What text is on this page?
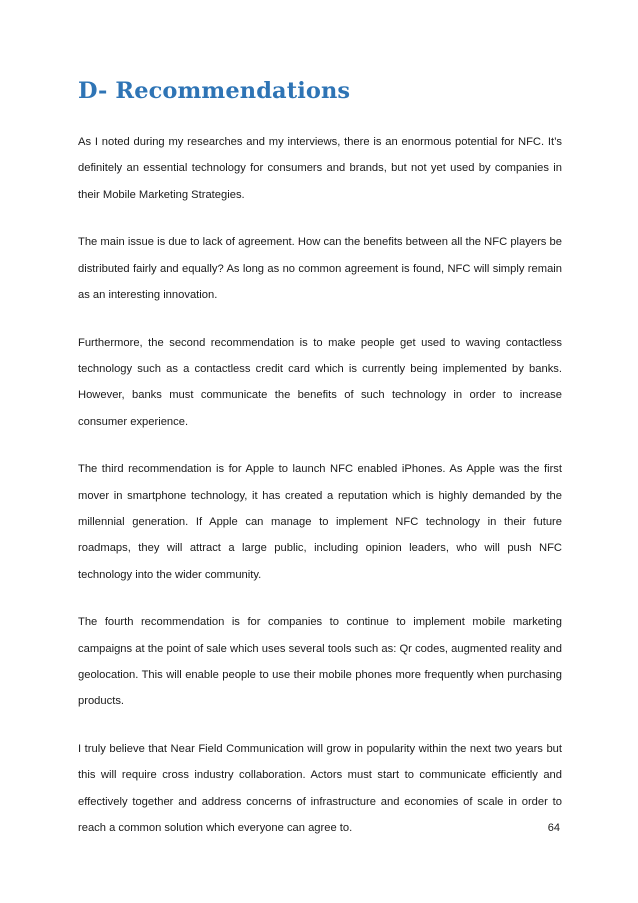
D- Recommendations

As I noted during my researches and my interviews, there is an enormous potential for NFC. It’s definitely an essential technology for consumers and brands, but not yet used by companies in their Mobile Marketing Strategies.

The main issue is due to lack of agreement. How can the benefits between all the NFC players be distributed fairly and equally? As long as no common agreement is found, NFC will simply remain as an interesting innovation.

Furthermore, the second recommendation is to make people get used to waving contactless technology such as a contactless credit card which is currently being implemented by banks. However, banks must communicate the benefits of such technology in order to increase consumer experience.

The third recommendation is for Apple to launch NFC enabled iPhones. As Apple was the first mover in smartphone technology, it has created a reputation which is highly demanded by the millennial generation. If Apple can manage to implement NFC technology in their future roadmaps, they will attract a large public, including opinion leaders, who will push NFC technology into the wider community.

The fourth recommendation is for companies to continue to implement mobile marketing campaigns at the point of sale which uses several tools such as: Qr codes, augmented reality and geolocation. This will enable people to use their mobile phones more frequently when purchasing products.

I truly believe that Near Field Communication will grow in popularity within the next two years but this will require cross industry collaboration. Actors must start to communicate efficiently and effectively together and address concerns of infrastructure and economies of scale in order to reach a common solution which everyone can agree to.	64
